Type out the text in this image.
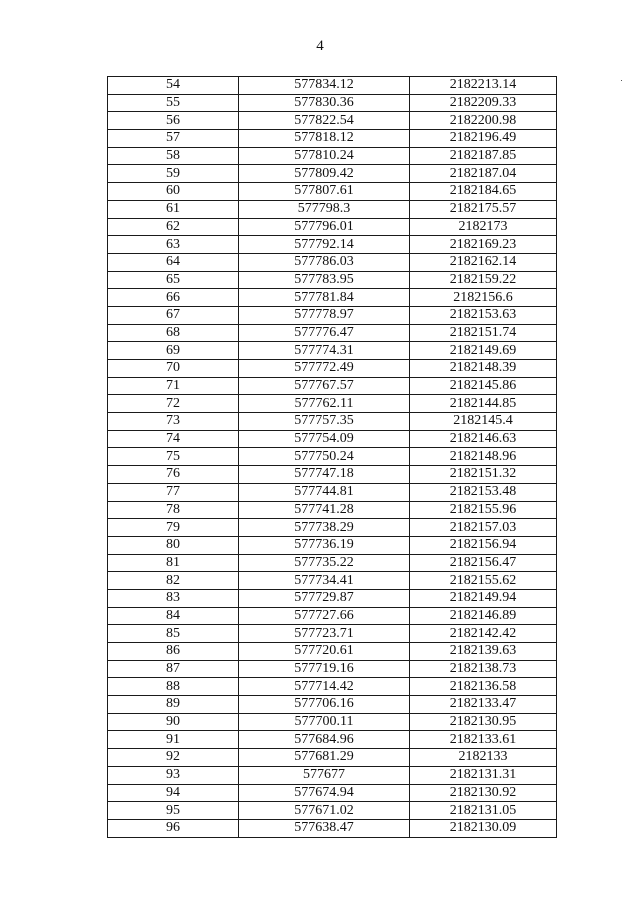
4
54	577834.12	2182213.14
55	577830.36	2182209.33
56	577822.54	2182200.98
57	577818.12	2182196.49
58	577810.24	2182187.85
59	577809.42	2182187.04
60	577807.61	2182184.65
61	577798.3	2182175.57
62	577796.01	2182173
63	577792.14	2182169.23
64	577786.03	2182162.14
65	577783.95	2182159.22
66	577781.84	2182156.6
67	577778.97	2182153.63
68	577776.47	2182151.74
69	577774.31	2182149.69
70	577772.49	2182148.39
71	577767.57	2182145.86
72	577762.11	2182144.85
73	577757.35	2182145.4
74	577754.09	2182146.63
75	577750.24	2182148.96
76	577747.18	2182151.32
77	577744.81	2182153.48
78	577741.28	2182155.96
79	577738.29	2182157.03
80	577736.19	2182156.94
81	577735.22	2182156.47
82	577734.41	2182155.62
83	577729.87	2182149.94
84	577727.66	2182146.89
85	577723.71	2182142.42
86	577720.61	2182139.63
87	577719.16	2182138.73
88	577714.42	2182136.58
89	577706.16	2182133.47
90	577700.11	2182130.95
91	577684.96	2182133.61
92	577681.29	2182133
93	577677	2182131.31
94	577674.94	2182130.92
95	577671.02	2182131.05
96	577638.47	2182130.09
